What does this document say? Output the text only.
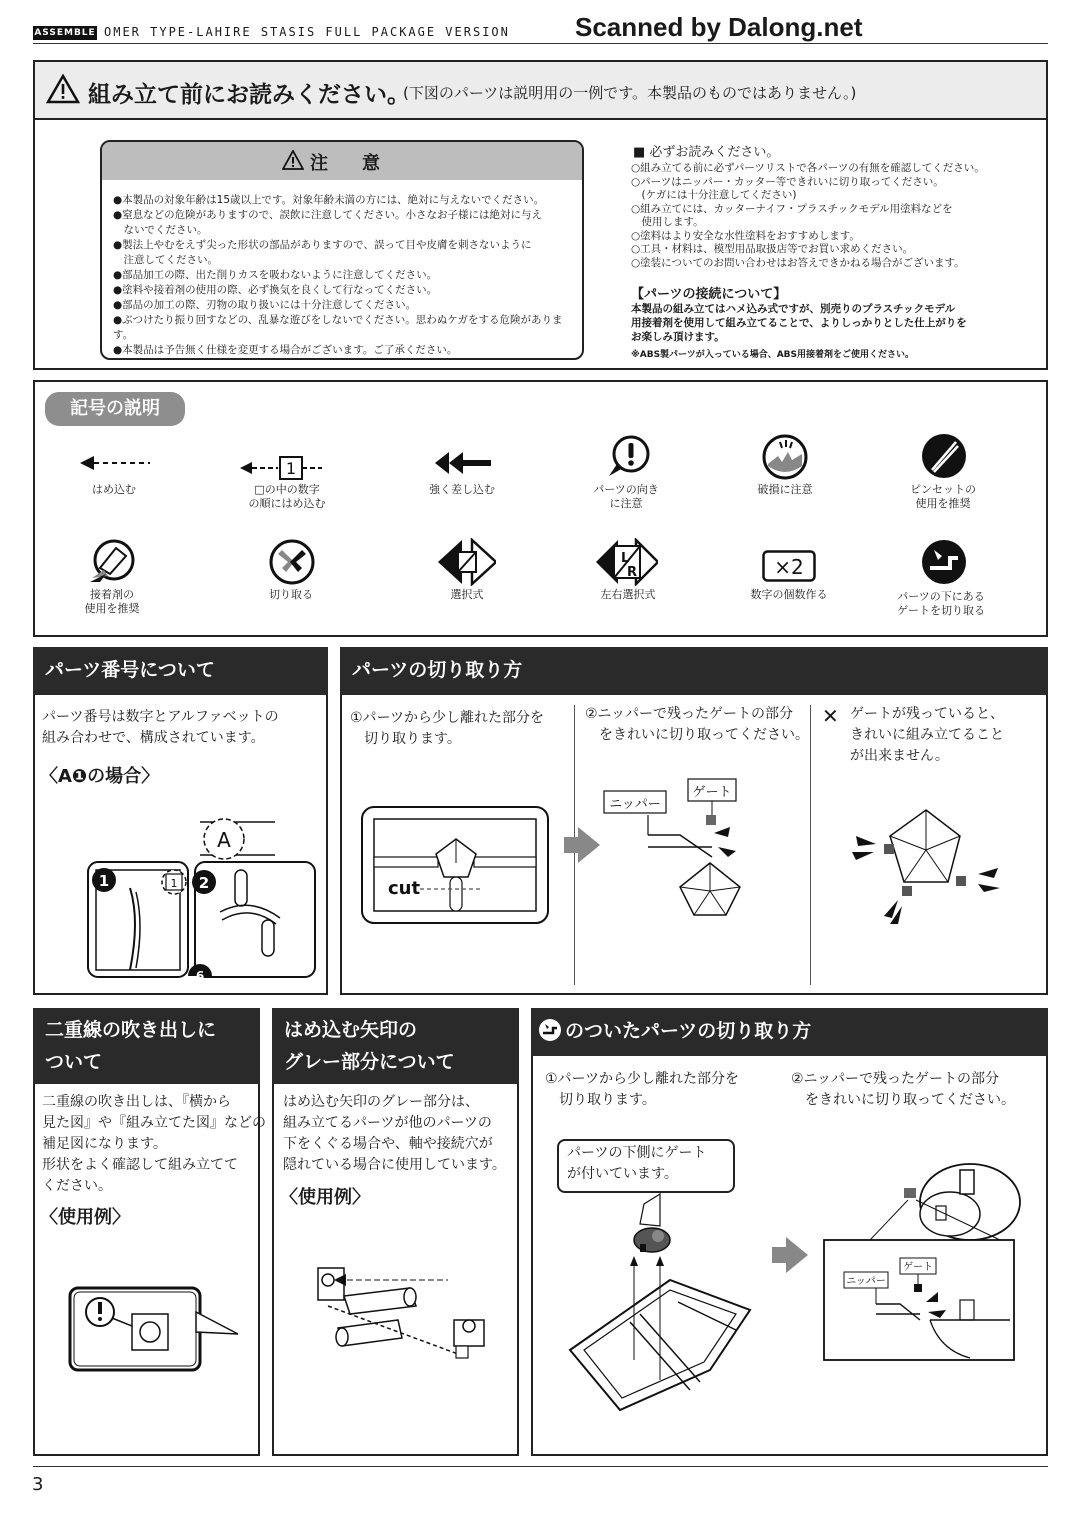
ASSEMBLE OMER TYPE-LAHIRE STASIS FULL PACKAGE VERSION	Scanned by Dalong.net
組み立て前にお読みください。
(下図のパーツは説明用の一例です。本製品のものではありません。)
注　意
●本製品の対象年齢は15歳以上です。対象年齢未満の方には、絶対に与えないでください。
●窒息などの危険がありますので、誤飲に注意してください。小さなお子様には絶対に与え
　ないでください。
●製法上やむをえず尖った形状の部品がありますので、誤って目や皮膚を刺さないように
　注意してください。
●部品加工の際、出た削りカスを吸わないように注意してください。
●塗料や接着剤の使用の際、必ず換気を良くして行なってください。
●部品の加工の際、刃物の取り扱いには十分注意してください。
●ぶつけたり振り回すなどの、乱暴な遊びをしないでください。思わぬケガをする危険があります。
●本製品は予告無く仕様を変更する場合がございます。ご了承ください。
■ 必ずお読みください。
○組み立てる前に必ずパーツリストで各パーツの有無を確認してください。
○パーツはニッパー・カッター等できれいに切り取ってください。
　(ケガには十分注意してください)
○組み立てには、カッターナイフ・プラスチックモデル用塗料などを
　使用します。
○塗料はより安全な水性塗料をおすすめします。
○工具・材料は、模型用品取扱店等でお買い求めください。
○塗装についてのお問い合わせはお答えできかねる場合がございます。
【パーツの接続について】
本製品の組み立てはハメ込み式ですが、別売りのプラスチックモデル
用接着剤を使用して組み立てることで、よりしっかりとした仕上がりを
お楽しみ頂けます。
※ABS製パーツが入っている場合、ABS用接着剤をご使用ください。
記号の説明
1
はめ込む	□の中の数字
の順にはめ込む
強く差し込む	パーツの向き
に注意
破損に注意	ピンセットの
使用を推奨
L
R	×2
接着剤の
使用を推奨
切り取る	選択式	左右選択式	数字の個数作る	パーツの下にある
ゲートを切り取る
パーツ番号について
パーツ番号は数字とアルファベットの
組み合わせで、構成されています。
〈A❶の場合〉
A
1	1 2
6
パーツの切り取り方
①パーツから少し離れた部分を
　切り取ります。
②ニッパーで残ったゲートの部分
　をきれいに切り取ってください。
✕ ゲートが残っていると、
きれいに組み立てること
が出来ません。
cut
ニッパー
ゲート
二重線の吹き出しに
ついて
二重線の吹き出しは、『横から
見た図』や『組み立てた図』などの
補足図になります。
形状をよく確認して組み立てて
ください。
〈使用例〉
はめ込む矢印の
グレー部分について
はめ込む矢印のグレー部分は、
組み立てるパーツが他のパーツの
下をくぐる場合や、軸や接続穴が
隠れている場合に使用しています。
〈使用例〉
のついたパーツの切り取り方
①パーツから少し離れた部分を
　切り取ります。
②ニッパーで残ったゲートの部分
　をきれいに切り取ってください。
パーツの下側にゲート
が付いています。
ニッパー
ゲート
3
